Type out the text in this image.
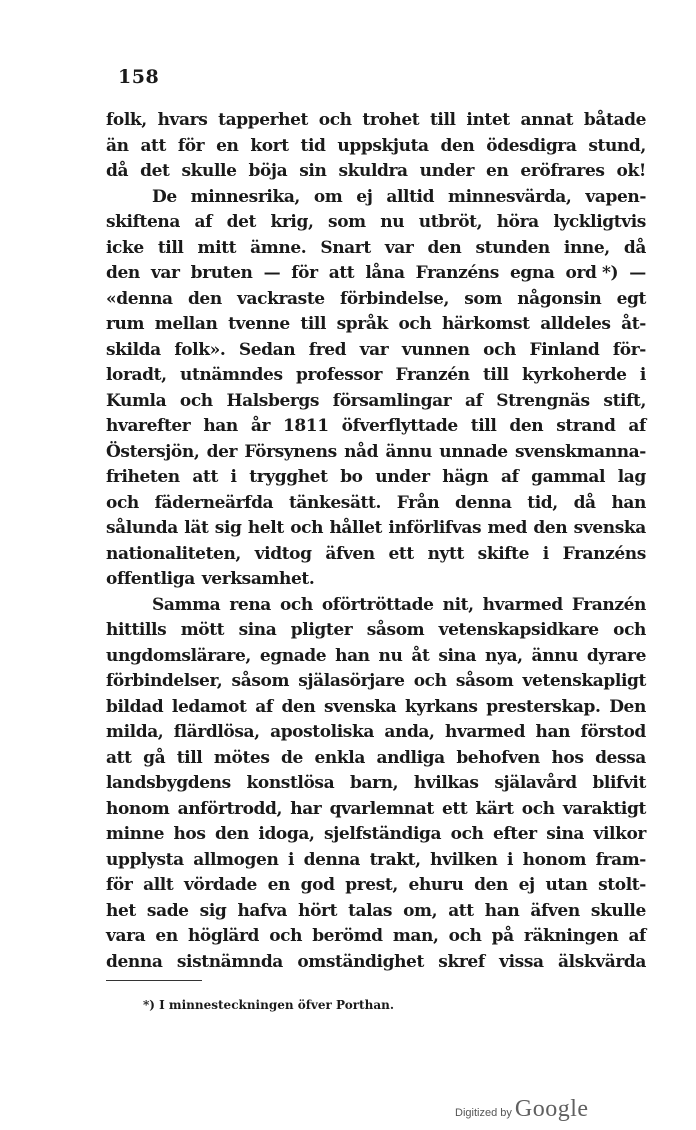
158
folk, hvars tapperhet och trohet till intet annat båtade
än att för en kort tid uppskjuta den ödesdigra stund,
då det skulle böja sin skuldra under en eröfrares ok!
De minnesrika, om ej alltid minnesvärda, vapen-
skiftena af det krig, som nu utbröt, höra lyckligtvis
icke till mitt ämne. Snart var den stunden inne, då
den var bruten — för att låna Franzéns egna ord *) —
«denna den vackraste förbindelse, som någonsin egt
rum mellan tvenne till språk och härkomst alldeles åt-
skilda folk». Sedan fred var vunnen och Finland för-
loradt, utnämndes professor Franzén till kyrkoherde i
Kumla och Halsbergs församlingar af Strengnäs stift,
hvarefter han år 1811 öfverflyttade till den strand af
Östersjön, der Försynens nåd ännu unnade svenskmanna-
friheten att i trygghet bo under hägn af gammal lag
och fäderneärfda tänkesätt. Från denna tid, då han
sålunda lät sig helt och hållet införlifvas med den svenska
nationaliteten, vidtog äfven ett nytt skifte i Franzéns
offentliga verksamhet.
Samma rena och oförtröttade nit, hvarmed Franzén
hittills mött sina pligter såsom vetenskapsidkare och
ungdomslärare, egnade han nu åt sina nya, ännu dyrare
förbindelser, såsom själasörjare och såsom vetenskapligt
bildad ledamot af den svenska kyrkans presterskap. Den
milda, flärdlösa, apostoliska anda, hvarmed han förstod
att gå till mötes de enkla andliga behofven hos dessa
landsbygdens konstlösa barn, hvilkas själavård blifvit
honom anförtrodd, har qvarlemnat ett kärt och varaktigt
minne hos den idoga, sjelfständiga och efter sina vilkor
upplysta allmogen i denna trakt, hvilken i honom fram-
för allt vördade en god prest, ehuru den ej utan stolt-
het sade sig hafva hört talas om, att han äfven skulle
vara en höglärd och berömd man, och på räkningen af
denna sistnämnda omständighet skref vissa älskvärda
*) I minnesteckningen öfver Porthan.
Digitized by Google
